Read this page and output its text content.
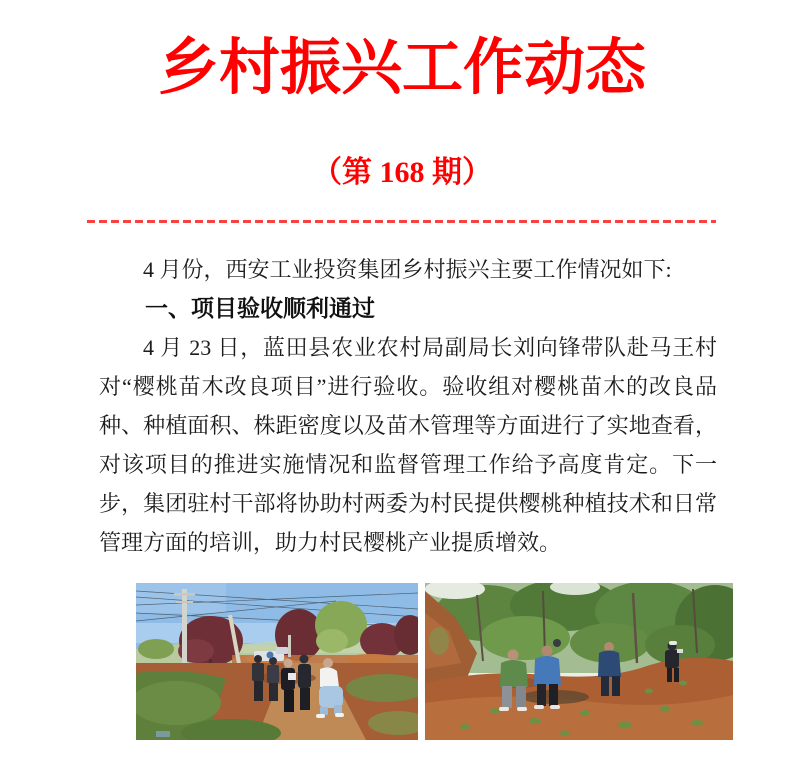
乡村振兴工作动态
（第 168 期）

4 月份，西安工业投资集团乡村振兴主要工作情况如下:

一、项目验收顺利通过

4 月 23 日，蓝田县农业农村局副局长刘向锋带队赴马王村对“樱桃苗木改良项目”进行验收。验收组对樱桃苗木的改良品种、种植面积、株距密度以及苗木管理等方面进行了实地查看，对该项目的推进实施情况和监督管理工作给予高度肯定。下一步，集团驻村干部将协助村两委为村民提供樱桃种植技术和日常管理方面的培训，助力村民樱桃产业提质增效。
